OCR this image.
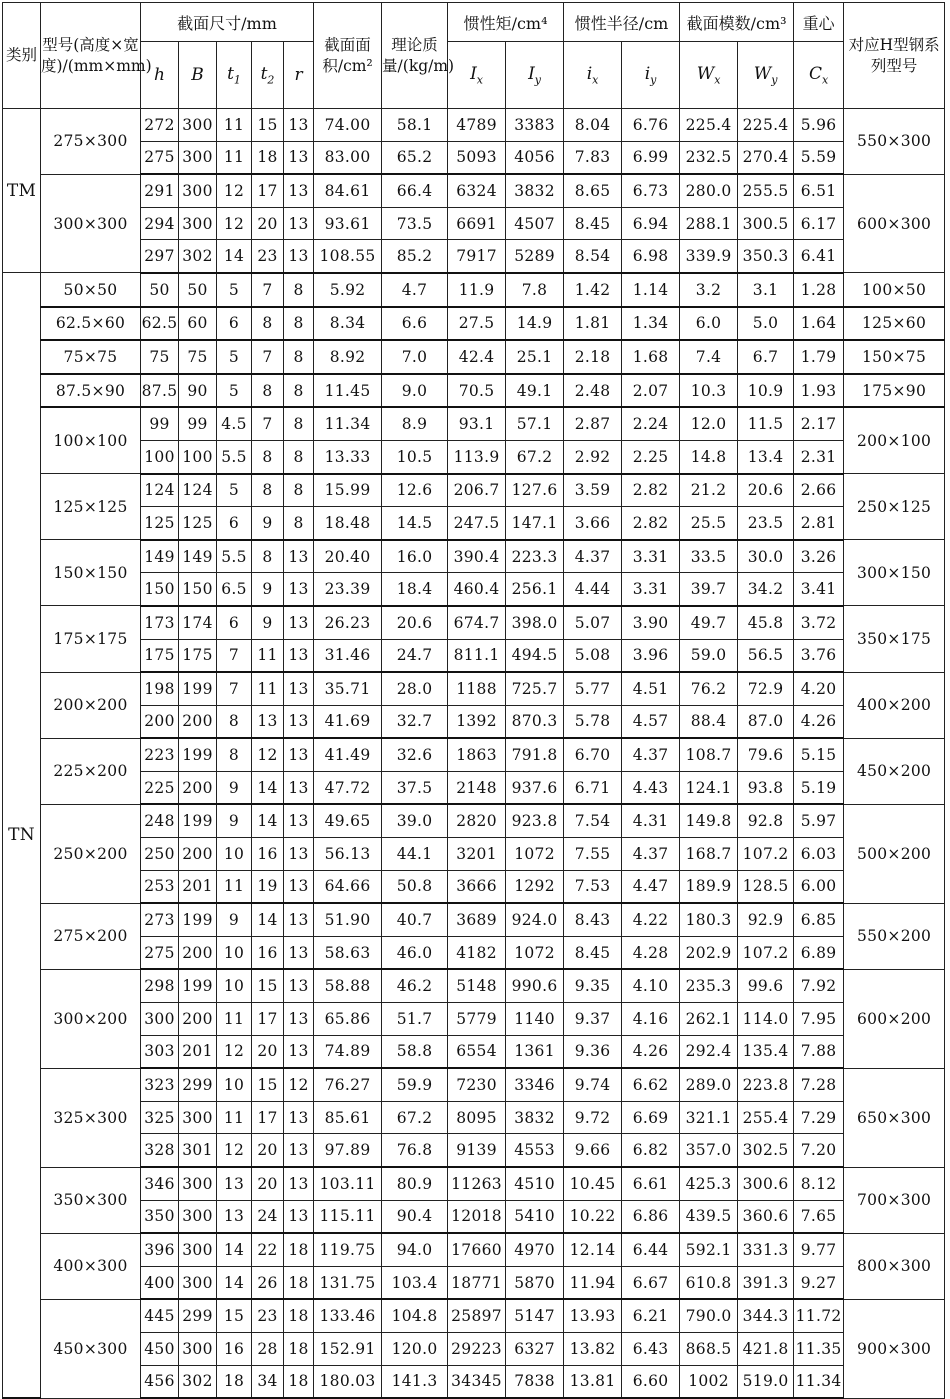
类别	型号(高度×宽度)/(mm×mm)	截面尺寸/mm					截面面积/cm²	理论质量/(kg/m)	惯性矩/cm⁴		惯性半径/cm		截面模数/cm³		重心	对应H型钢系列型号
		h	B	$t_1$	$t_2$	r			$I_x$	$I_y$	$i_x$	$i_y$	$W_x$	$W_y$	$C_x$
TM	275×300	272	300	11	15	13	74.00	58.1	4789	3383	8.04	6.76	225.4	225.4	5.96	550×300
		275	300	11	18	13	83.00	65.2	5093	4056	7.83	6.99	232.5	270.4	5.59	
	300×300	291	300	12	17	13	84.61	66.4	6324	3832	8.65	6.73	280.0	255.5	6.51	600×300
		294	300	12	20	13	93.61	73.5	6691	4507	8.45	6.94	288.1	300.5	6.17	
		297	302	14	23	13	108.55	85.2	7917	5289	8.54	6.98	339.9	350.3	6.41	
TN	50×50	50	50	5	7	8	5.92	4.7	11.9	7.8	1.42	1.14	3.2	3.1	1.28	100×50
	62.5×60	62.5	60	6	8	8	8.34	6.6	27.5	14.9	1.81	1.34	6.0	5.0	1.64	125×60
	75×75	75	75	5	7	8	8.92	7.0	42.4	25.1	2.18	1.68	7.4	6.7	1.79	150×75
	87.5×90	87.5	90	5	8	8	11.45	9.0	70.5	49.1	2.48	2.07	10.3	10.9	1.93	175×90
	100×100	99	99	4.5	7	8	11.34	8.9	93.1	57.1	2.87	2.24	12.0	11.5	2.17	200×100
		100	100	5.5	8	8	13.33	10.5	113.9	67.2	2.92	2.25	14.8	13.4	2.31	
	125×125	124	124	5	8	8	15.99	12.6	206.7	127.6	3.59	2.82	21.2	20.6	2.66	250×125
		125	125	6	9	8	18.48	14.5	247.5	147.1	3.66	2.82	25.5	23.5	2.81	
	150×150	149	149	5.5	8	13	20.40	16.0	390.4	223.3	4.37	3.31	33.5	30.0	3.26	300×150
		150	150	6.5	9	13	23.39	18.4	460.4	256.1	4.44	3.31	39.7	34.2	3.41	
	175×175	173	174	6	9	13	26.23	20.6	674.7	398.0	5.07	3.90	49.7	45.8	3.72	350×175
		175	175	7	11	13	31.46	24.7	811.1	494.5	5.08	3.96	59.0	56.5	3.76	
	200×200	198	199	7	11	13	35.71	28.0	1188	725.7	5.77	4.51	76.2	72.9	4.20	400×200
		200	200	8	13	13	41.69	32.7	1392	870.3	5.78	4.57	88.4	87.0	4.26	
	225×200	223	199	8	12	13	41.49	32.6	1863	791.8	6.70	4.37	108.7	79.6	5.15	450×200
		225	200	9	14	13	47.72	37.5	2148	937.6	6.71	4.43	124.1	93.8	5.19	
	250×200	248	199	9	14	13	49.65	39.0	2820	923.8	7.54	4.31	149.8	92.8	5.97	500×200
		250	200	10	16	13	56.13	44.1	3201	1072	7.55	4.37	168.7	107.2	6.03	
		253	201	11	19	13	64.66	50.8	3666	1292	7.53	4.47	189.9	128.5	6.00	
	275×200	273	199	9	14	13	51.90	40.7	3689	924.0	8.43	4.22	180.3	92.9	6.85	550×200
		275	200	10	16	13	58.63	46.0	4182	1072	8.45	4.28	202.9	107.2	6.89	
	300×200	298	199	10	15	13	58.88	46.2	5148	990.6	9.35	4.10	235.3	99.6	7.92	600×200
		300	200	11	17	13	65.86	51.7	5779	1140	9.37	4.16	262.1	114.0	7.95	
		303	201	12	20	13	74.89	58.8	6554	1361	9.36	4.26	292.4	135.4	7.88	
	325×300	323	299	10	15	12	76.27	59.9	7230	3346	9.74	6.62	289.0	223.8	7.28	650×300
		325	300	11	17	13	85.61	67.2	8095	3832	9.72	6.69	321.1	255.4	7.29	
		328	301	12	20	13	97.89	76.8	9139	4553	9.66	6.82	357.0	302.5	7.20	
	350×300	346	300	13	20	13	103.11	80.9	11263	4510	10.45	6.61	425.3	300.6	8.12	700×300
		350	300	13	24	13	115.11	90.4	12018	5410	10.22	6.86	439.5	360.6	7.65	
	400×300	396	300	14	22	18	119.75	94.0	17660	4970	12.14	6.44	592.1	331.3	9.77	800×300
		400	300	14	26	18	131.75	103.4	18771	5870	11.94	6.67	610.8	391.3	9.27	
	450×300	445	299	15	23	18	133.46	104.8	25897	5147	13.93	6.21	790.0	344.3	11.72	900×300
		450	300	16	28	18	152.91	120.0	29223	6327	13.82	6.43	868.5	421.8	11.35	
		456	302	18	34	18	180.03	141.3	34345	7838	13.81	6.60	1002	519.0	11.34	
